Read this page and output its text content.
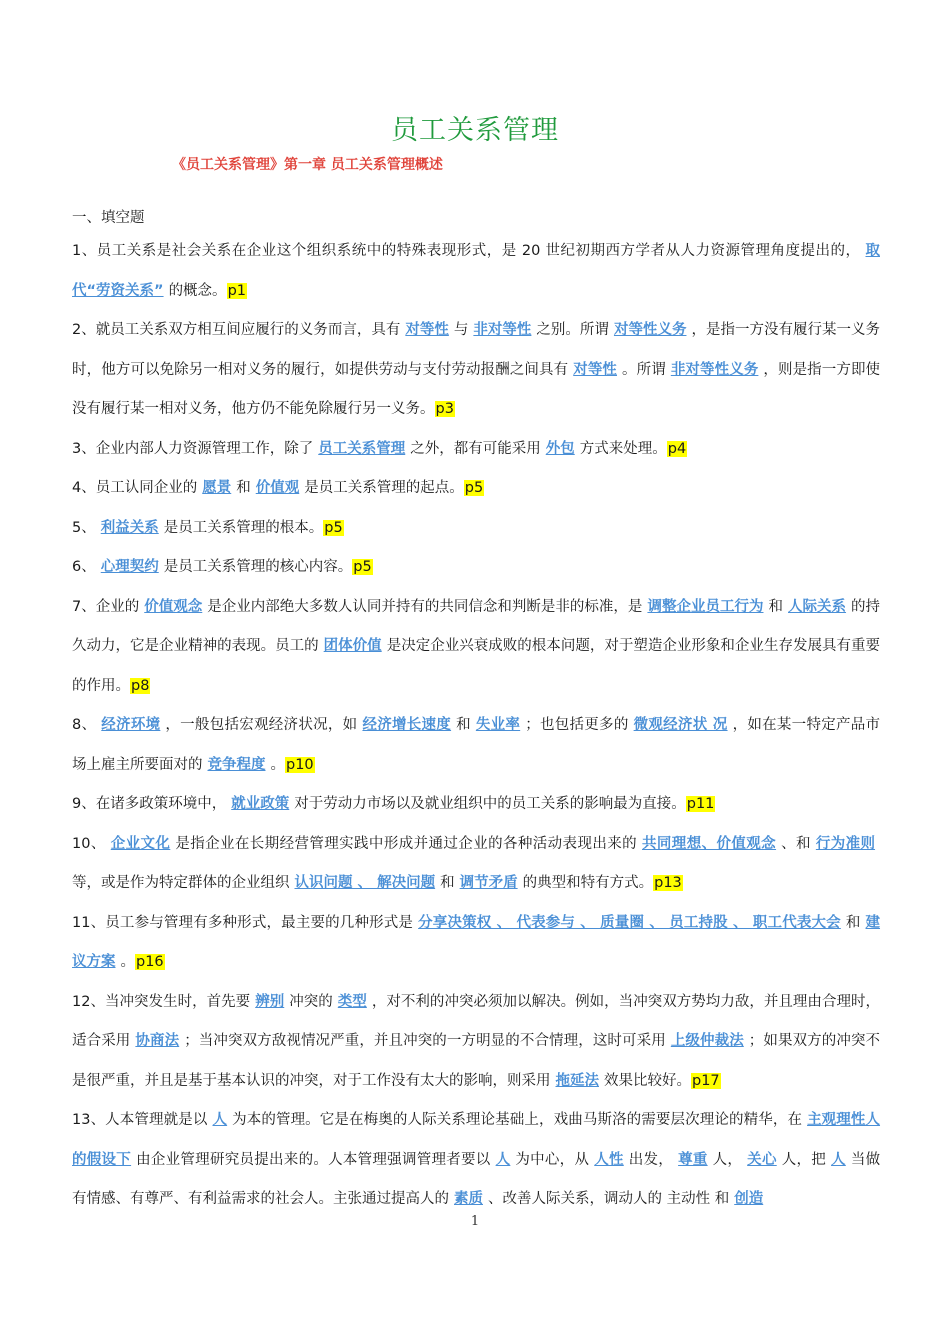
员工关系管理
《员工关系管理》第一章 员工关系管理概述
一、填空题
1、员工关系是社会关系在企业这个组织系统中的特殊表现形式，是 20 世纪初期西方学者从人力资源管理角度提出的， 取代“劳资关系” 的概念。p1
2、就员工关系双方相互间应履行的义务而言，具有 对等性 与 非对等性 之别。所谓 对等性义务 ，是指一方没有履行某一义务时，他方可以免除另一相对义务的履行，如提供劳动与支付劳动报酬之间具有 对等性 。所谓 非对等性义务 ，则是指一方即使没有履行某一相对义务，他方仍不能免除履行另一义务。p3
3、企业内部人力资源管理工作，除了 员工关系管理 之外，都有可能采用 外包 方式来处理。p4
4、员工认同企业的 愿景 和 价值观 是员工关系管理的起点。p5
5、 利益关系 是员工关系管理的根本。p5
6、 心理契约 是员工关系管理的核心内容。p5
7、企业的 价值观念 是企业内部绝大多数人认同并持有的共同信念和判断是非的标准，是 调整企业员工行为 和 人际关系 的持久动力，它是企业精神的表现。员工的 团体价值 是决定企业兴衰成败的根本问题，对于塑造企业形象和企业生存发展具有重要的作用。p8
8、 经济环境 ，一般包括宏观经济状况，如 经济增长速度 和 失业率 ；也包括更多的 微观经济状 况 ，如在某一特定产品市场上雇主所要面对的 竞争程度 。p10
9、在诸多政策环境中， 就业政策 对于劳动力市场以及就业组织中的员工关系的影响最为直接。p11
10、 企业文化 是指企业在长期经营管理实践中形成并通过企业的各种活动表现出来的 共同理想、价值观念 、和 行为准则等，或是作为特定群体的企业组织 认识问题 、 解决问题 和 调节矛盾 的典型和特有方式。p13
11、员工参与管理有多种形式，最主要的几种形式是 分享决策权 、 代表参与 、 质量圈 、 员工持股 、 职工代表大会 和 建议方案 。p16
12、当冲突发生时，首先要 辨别 冲突的 类型 ，对不利的冲突必须加以解决。例如，当冲突双方势均力敌，并且理由合理时，适合采用 协商法 ；当冲突双方敌视情况严重，并且冲突的一方明显的不合情理，这时可采用 上级仲裁法 ；如果双方的冲突不是很严重，并且是基于基本认识的冲突，对于工作没有太大的影响，则采用 拖延法 效果比较好。p17
13、人本管理就是以 人 为本的管理。它是在梅奥的人际关系理论基础上，戏曲马斯洛的需要层次理论的精华，在 主观理性人的假设下 由企业管理研究员提出来的。人本管理强调管理者要以 人 为中心，从 人性 出发， 尊重 人， 关心 人，把 人 当做有情感、有尊严、有利益需求的社会人。主张通过提高人的 素质 、改善人际关系，调动人的 主动性 和 创造
1
